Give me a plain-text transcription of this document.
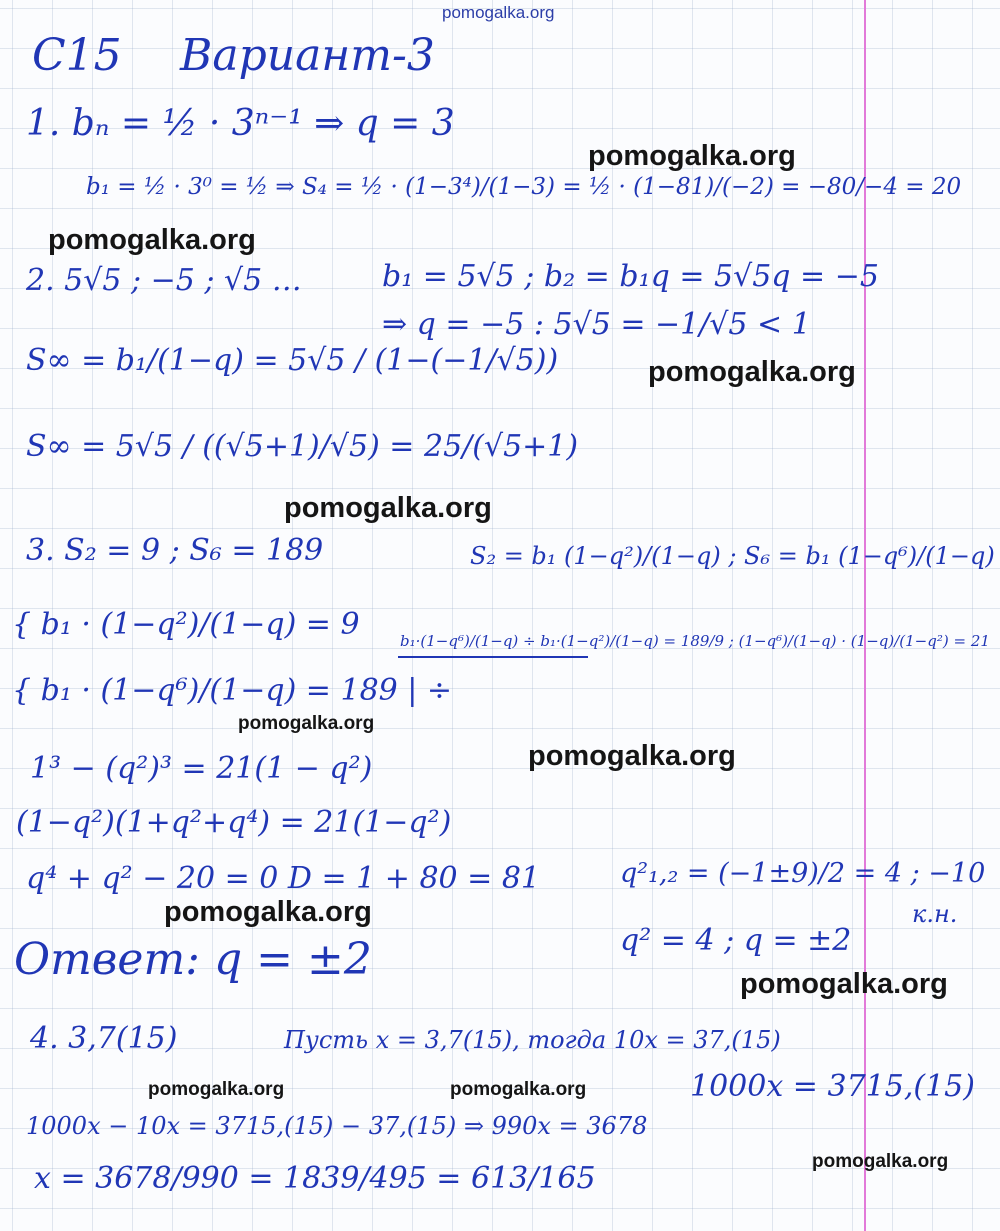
pomogalka.org
C15 Вариант-3
1. bₙ = ½ · 3ⁿ⁻¹ ⇒ q = 3
b₁ = ½ · 3⁰ = ½ ⇒ S₄ = ½ · (1−3⁴)/(1−3) = ½ · (1−81)/(−2) = −80/−4 = 20
2. 5√5 ; −5 ; √5 …	b₁ = 5√5 ; b₂ = b₁q = 5√5q = −5
⇒ q = −5 : 5√5 = −1/√5 < 1
S∞ = b₁/(1−q) = 5√5 / (1−(−1/√5))
S∞ = 5√5 / ((√5+1)/√5) = 25/(√5+1)
3. S₂ = 9 ; S₆ = 189	S₂ = b₁ (1−q²)/(1−q) ; S₆ = b₁ (1−q⁶)/(1−q)
{ b₁ · (1−q²)/(1−q) = 9
{ b₁ · (1−q⁶)/(1−q) = 189 | ÷
b₁·(1−q⁶)/(1−q) ÷ b₁·(1−q²)/(1−q) = 189/9 ; (1−q⁶)/(1−q) · (1−q)/(1−q²) = 21
1³ − (q²)³ = 21(1 − q²)
(1−q²)(1+q²+q⁴) = 21(1−q²)
q⁴ + q² − 20 = 0 D = 1 + 80 = 81	q²₁,₂ = (−1±9)/2 = 4 ; −10
к.н.
q² = 4 ; q = ±2
Ответ: q = ±2
4. 3,7(15)	Пусть x = 3,7(15), тогда 10x = 37,(15)
1000x = 3715,(15)
1000x − 10x = 3715,(15) − 37,(15) ⇒ 990x = 3678
x = 3678/990 = 1839/495 = 613/165
pomogalka.org
pomogalka.org
pomogalka.org
pomogalka.org
pomogalka.org
pomogalka.org
pomogalka.org
pomogalka.org
pomogalka.org	pomogalka.org
pomogalka.org
